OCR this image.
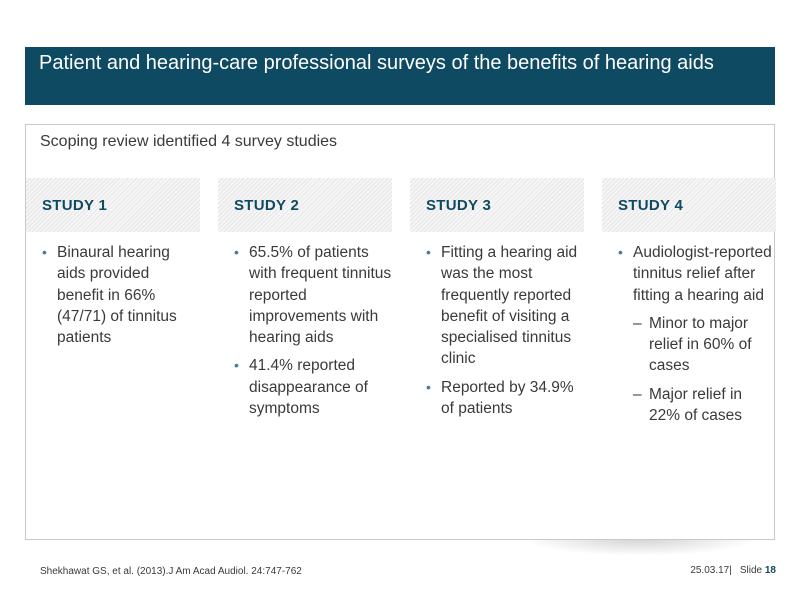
Patient and hearing-care professional surveys of the benefits of hearing aids

Scoping review identified 4 survey studies

STUDY 1
• Binaural hearing aids provided benefit in 66% (47/71) of tinnitus patients
STUDY 2
• 65.5% of patients with frequent tinnitus reported improvements with hearing aids
• 41.4% reported disappearance of symptoms
STUDY 3
• Fitting a hearing aid was the most frequently reported benefit of visiting a specialised tinnitus clinic
• Reported by 34.9% of patients
STUDY 4
• Audiologist-reported tinnitus relief after fitting a hearing aid
– Minor to major relief in 60% of cases
– Major relief in 22% of cases
Shekhawat GS, et al. (2013).J Am Acad Audiol. 24:747-762	25.03.17| Slide 18
